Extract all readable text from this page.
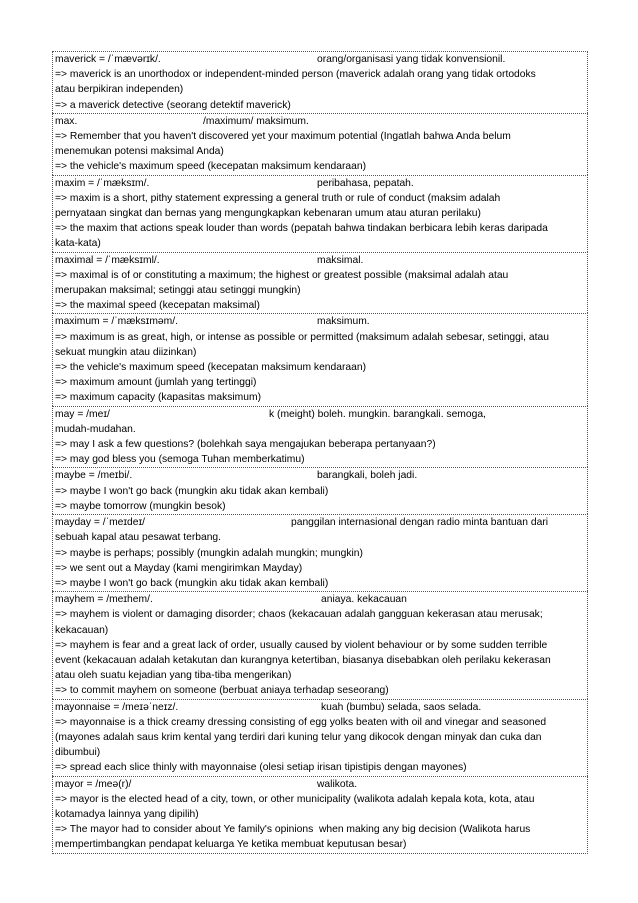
maverick = /ˈmævərɪk/.	orang/organisasi yang tidak konvensionil.
=> maverick is an unorthodox or independent-minded person (maverick adalah orang yang tidak ortodoks
atau berpikiran independen)
=> a maverick detective (seorang detektif maverick)
max.	/maximum/ maksimum.
=> Remember that you haven't discovered yet your maximum potential (Ingatlah bahwa Anda belum
menemukan potensi maksimal Anda)
=> the vehicle's maximum speed (kecepatan maksimum kendaraan)
maxim = /ˈmæksɪm/.	peribahasa, pepatah.
=> maxim is a short, pithy statement expressing a general truth or rule of conduct (maksim adalah
pernyataan singkat dan bernas yang mengungkapkan kebenaran umum atau aturan perilaku)
=> the maxim that actions speak louder than words (pepatah bahwa tindakan berbicara lebih keras daripada
kata-kata)
maximal = /ˈmæksɪml/.	maksimal.
=> maximal is of or constituting a maximum; the highest or greatest possible (maksimal adalah atau
merupakan maksimal; setinggi atau setinggi mungkin)
=> the maximal speed (kecepatan maksimal)
maximum = /ˈmæksɪməm/.	maksimum.
=> maximum is as great, high, or intense as possible or permitted (maksimum adalah sebesar, setinggi, atau
sekuat mungkin atau diizinkan)
=> the vehicle's maximum speed (kecepatan maksimum kendaraan)
=> maximum amount (jumlah yang tertinggi)
=> maximum capacity (kapasitas maksimum)
may = /meɪ/	k (meight) boleh. mungkin. barangkali. semoga,
mudah-mudahan.
=> may I ask a few questions? (bolehkah saya mengajukan beberapa pertanyaan?)
=> may god bless you (semoga Tuhan memberkatimu)
maybe = /meɪbi/.	barangkali, boleh jadi.
=> maybe I won't go back (mungkin aku tidak akan kembali)
=> maybe tomorrow (mungkin besok)
mayday = /ˈmeɪdeɪ/	panggilan internasional dengan radio minta bantuan dari
sebuah kapal atau pesawat terbang.
=> maybe is perhaps; possibly (mungkin adalah mungkin; mungkin)
=> we sent out a Mayday (kami mengirimkan Mayday)
=> maybe I won't go back (mungkin aku tidak akan kembali)
mayhem = /meɪhem/.	aniaya. kekacauan
=> mayhem is violent or damaging disorder; chaos (kekacauan adalah gangguan kekerasan atau merusak;
kekacauan)
=> mayhem is fear and a great lack of order, usually caused by violent behaviour or by some sudden terrible
event (kekacauan adalah ketakutan dan kurangnya ketertiban, biasanya disebabkan oleh perilaku kekerasan
atau oleh suatu kejadian yang tiba-tiba mengerikan)
=> to commit mayhem on someone (berbuat aniaya terhadap seseorang)
mayonnaise = /meɪəˈneɪz/.	kuah (bumbu) selada, saos selada.
=> mayonnaise is a thick creamy dressing consisting of egg yolks beaten with oil and vinegar and seasoned
(mayones adalah saus krim kental yang terdiri dari kuning telur yang dikocok dengan minyak dan cuka dan
dibumbui)
=> spread each slice thinly with mayonnaise (olesi setiap irisan tipistipis dengan mayones)
mayor = /meə(r)/	walikota.
=> mayor is the elected head of a city, town, or other municipality (walikota adalah kepala kota, kota, atau
kotamadya lainnya yang dipilih)
=> The mayor had to consider about Ye family's opinions  when making any big decision (Walikota harus
mempertimbangkan pendapat keluarga Ye ketika membuat keputusan besar)
